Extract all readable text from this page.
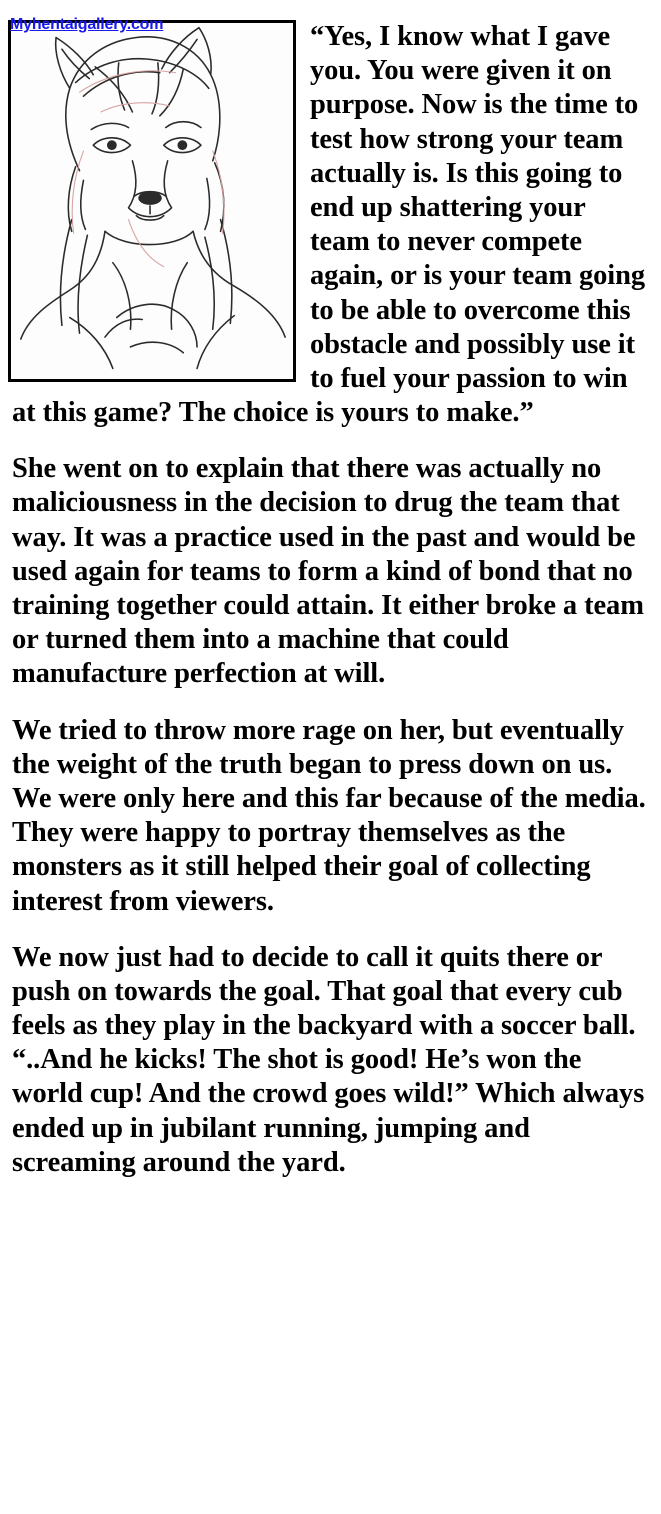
Myhentaigallery.com	“Yes, I know what I gave you. You were given it on purpose. Now is the time to test how strong your team actually is. Is this going to end up shattering your team to never compete again, or is your team going to be able to overcome this obstacle and possibly use it to fuel your passion to win at this game? The choice is yours to make.”

She went on to explain that there was actually no maliciousness in the decision to drug the team that way. It was a practice used in the past and would be used again for teams to form a kind of bond that no training together could attain. It either broke a team or turned them into a machine that could manufacture perfection at will.

We tried to throw more rage on her, but eventually the weight of the truth began to press down on us. We were only here and this far because of the media. They were happy to portray themselves as the monsters as it still helped their goal of collecting interest from viewers.

We now just had to decide to call it quits there or push on towards the goal. That goal that every cub feels as they play in the backyard with a soccer ball. “..And he kicks! The shot is good! He’s won the world cup! And the crowd goes wild!” Which always ended up in jubilant running, jumping and screaming around the yard.
